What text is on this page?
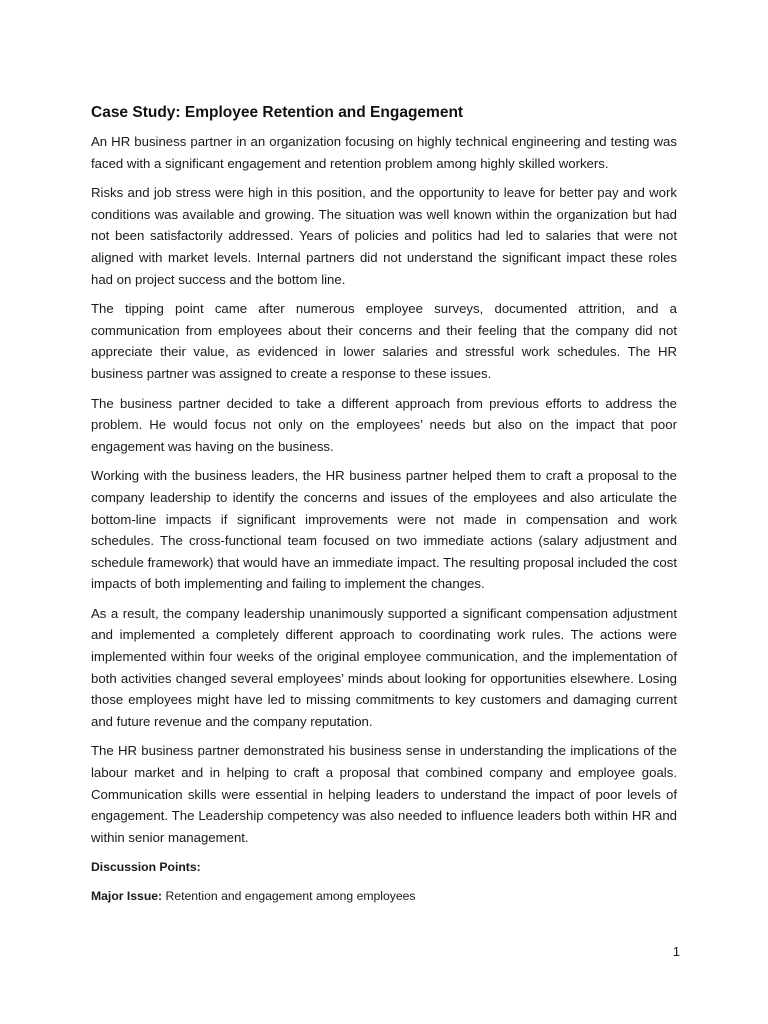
Case Study: Employee Retention and Engagement

An HR business partner in an organization focusing on highly technical engineering and testing was faced with a significant engagement and retention problem among highly skilled workers.

Risks and job stress were high in this position, and the opportunity to leave for better pay and work conditions was available and growing. The situation was well known within the organization but had not been satisfactorily addressed. Years of policies and politics had led to salaries that were not aligned with market levels. Internal partners did not understand the significant impact these roles had on project success and the bottom line.

The tipping point came after numerous employee surveys, documented attrition, and a communication from employees about their concerns and their feeling that the company did not appreciate their value, as evidenced in lower salaries and stressful work schedules. The HR business partner was assigned to create a response to these issues.

The business partner decided to take a different approach from previous efforts to address the problem. He would focus not only on the employees’ needs but also on the impact that poor engagement was having on the business.

Working with the business leaders, the HR business partner helped them to craft a proposal to the company leadership to identify the concerns and issues of the employees and also articulate the bottom-line impacts if significant improvements were not made in compensation and work schedules. The cross-functional team focused on two immediate actions (salary adjustment and schedule framework) that would have an immediate impact. The resulting proposal included the cost impacts of both implementing and failing to implement the changes.

As a result, the company leadership unanimously supported a significant compensation adjustment and implemented a completely different approach to coordinating work rules. The actions were implemented within four weeks of the original employee communication, and the implementation of both activities changed several employees’ minds about looking for opportunities elsewhere. Losing those employees might have led to missing commitments to key customers and damaging current and future revenue and the company reputation.

The HR business partner demonstrated his business sense in understanding the implications of the labour market and in helping to craft a proposal that combined company and employee goals. Communication skills were essential in helping leaders to understand the impact of poor levels of engagement. The Leadership competency was also needed to influence leaders both within HR and within senior management.

Discussion Points:
Major Issue: Retention and engagement among employees
1
